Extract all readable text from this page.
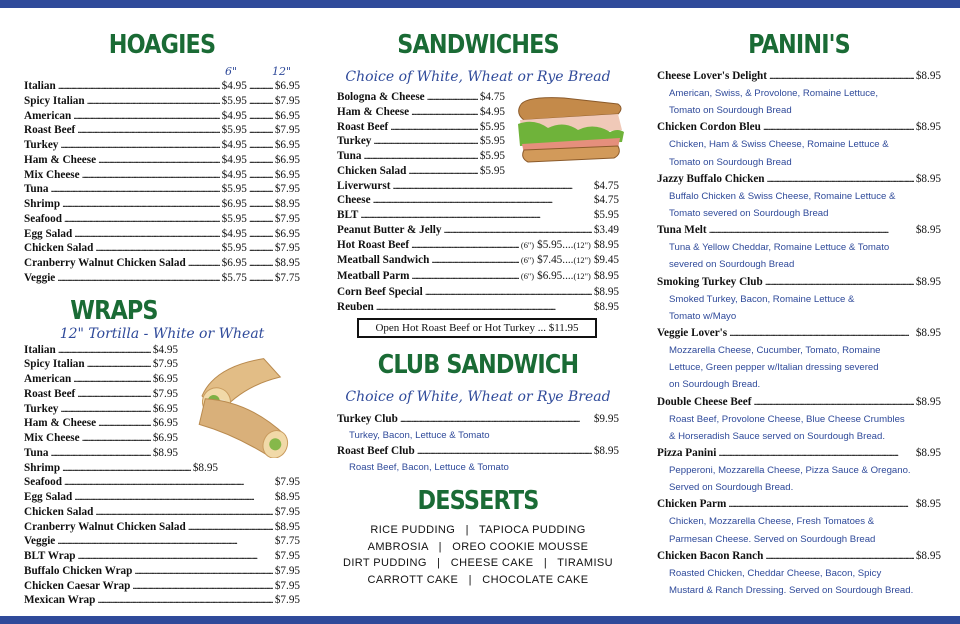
HOAGIES
6"	12"
Italian . . .	$4.95 . . .	$6.95
Spicy Italian . . .	$5.95 . . .	$7.95
American . . .	$4.95 . . .	$6.95
Roast Beef . . .	$5.95 . . .	$7.95
Turkey . . .	$4.95 . . .	$6.95
Ham & Cheese . . .	$4.95 . . .	$6.95
Mix Cheese . . .	$4.95 . . .	$6.95
Tuna . . .	$5.95 . . .	$7.95
Shrimp . . .	$6.95 . . .	$8.95
Seafood . . .	$5.95 . . .	$7.95
Egg Salad . . .	$4.95 . . .	$6.95
Chicken Salad . . .	$5.95 . . .	$7.95
Cranberry Walnut Chicken Salad . . .	$6.95 . . .	$8.95
Veggie . . .	$5.75 . . .	$7.75
WRAPS
12" Tortilla - White or Wheat
Italian . . .	$4.95
Spicy Italian . . .	$7.95
American . . .	$6.95
Roast Beef . . .	$7.95
Turkey . . .	$6.95
Ham & Cheese . . .	$6.95
Mix Cheese . . .	$6.95
Tuna . . .	$8.95
Shrimp . . .	$8.95
Seafood . . .	$7.95
Egg Salad . . .	$8.95
Chicken Salad . . .	$7.95
Cranberry Walnut Chicken Salad . . .	$8.95
Veggie . . .	$7.75
BLT Wrap . . .	$7.95
Buffalo Chicken Wrap . . .	$7.95
Chicken Caesar Wrap . . .	$7.95
Mexican Wrap . . .	$7.95
SANDWICHES
Choice of White, Wheat or Rye Bread
Bologna & Cheese . . .	$4.75
Ham & Cheese . . .	$4.95
Roast Beef . . .	$5.95
Turkey . . .	$5.95
Tuna . . .	$5.95
Chicken Salad . . .	$5.95
Liverwurst . . .	$4.75
Cheese . . .	$4.75
BLT . . .	$5.95
Peanut Butter & Jelly . . .	$3.49
Hot Roast Beef . . .	(6") $5.95 .... (12") $8.95
Meatball Sandwich . . .	(6") $7.45 .... (12") $9.45
Meatball Parm . . .	(6") $6.95 .... (12") $8.95
Corn Beef Special . . .	$8.95
Reuben . . .	$8.95
Open Hot Roast Beef or Hot Turkey ... $11.95
CLUB SANDWICH
Choice of White, Wheat or Rye Bread
Turkey Club . . .	$9.95
Turkey, Bacon, Lettuce & Tomato
Roast Beef Club . . .	$8.95
Roast Beef, Bacon, Lettuce & Tomato
DESSERTS
RICE PUDDING   |   TAPIOCA PUDDING
AMBROSIA   |   OREO COOKIE MOUSSE
DIRT PUDDING   |   CHEESE CAKE   |   TIRAMISU
CARROTT CAKE   |   CHOCOLATE CAKE
PANINI'S
Cheese Lover's Delight . . .	$8.95
American, Swiss, & Provolone, Romaine Lettuce,
Tomato on Sourdough Bread
Chicken Cordon Bleu . . .	$8.95
Chicken, Ham & Swiss Cheese, Romaine Lettuce &
Tomato on Sourdough Bread
Jazzy Buffalo Chicken . . .	$8.95
Buffalo Chicken & Swiss Cheese, Romaine Lettuce &
Tomato severed on Sourdough Bread
Tuna Melt . . .	$8.95
Tuna & Yellow Cheddar, Romaine Lettuce & Tomato
severed on Sourdough Bread
Smoking Turkey Club . . .	$8.95
Smoked Turkey, Bacon, Romaine Lettuce &
Tomato w/Mayo
Veggie Lover's . . .	$8.95
Mozzarella Cheese, Cucumber, Tomato, Romaine
Lettuce, Green pepper w/Italian dressing severed
on Sourdough Bread.
Double Cheese Beef . . .	$8.95
Roast Beef, Provolone Cheese, Blue Cheese Crumbles
& Horseradish Sauce served on Sourdough Bread.
Pizza Panini . . .	$8.95
Pepperoni, Mozzarella Cheese, Pizza Sauce & Oregano.
Served on Sourdough Bread.
Chicken Parm . . .	$8.95
Chicken, Mozzarella Cheese, Fresh Tomatoes &
Parmesan Cheese. Served on Sourdough Bread
Chicken Bacon Ranch . . .	$8.95
Roasted Chicken, Cheddar Cheese, Bacon, Spicy
Mustard & Ranch Dressing. Served on Sourdough Bread.
